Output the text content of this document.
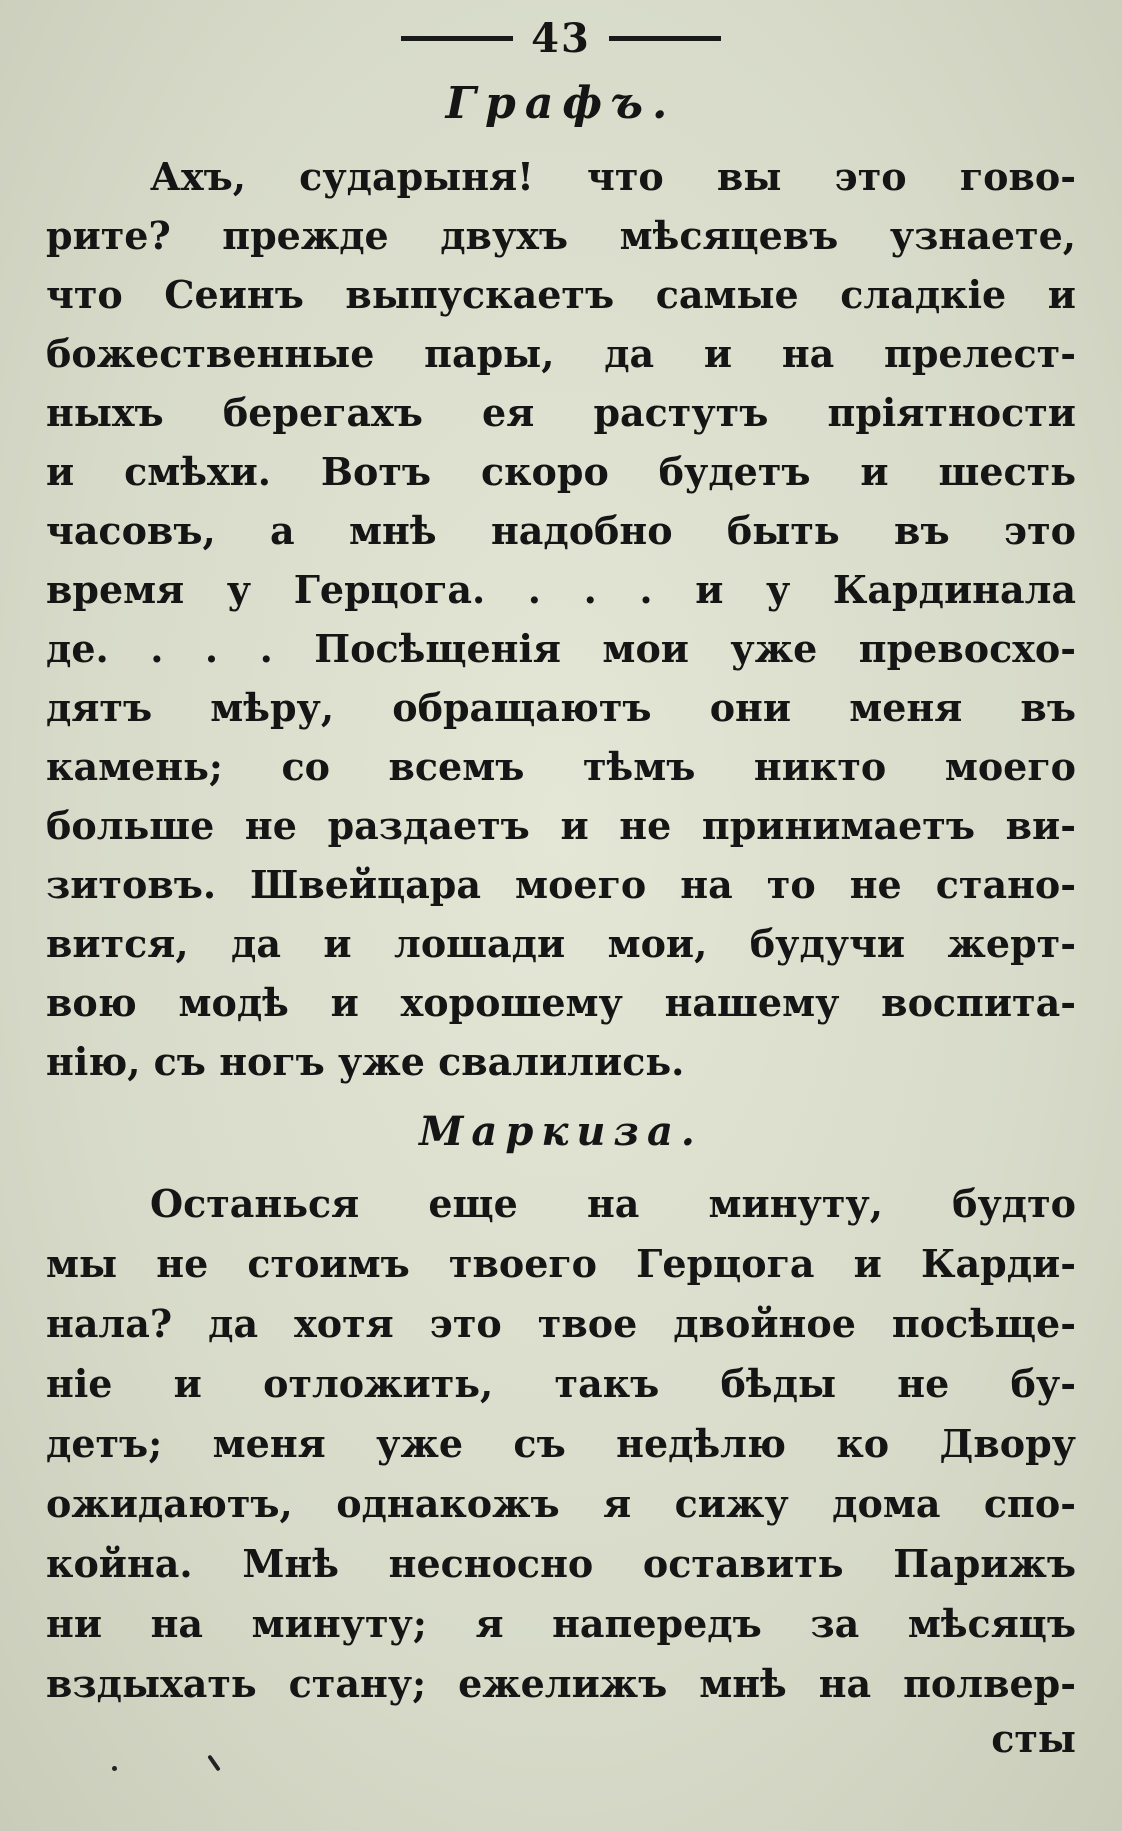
43
Графъ.
Ахъ, сударыня! что вы это гово-
рите? прежде двухъ мѣсяцевъ узнаете,
что Сеинъ выпускаетъ самые сладкіе и
божественные пары, да и на прелест-
ныхъ берегахъ ея растутъ пріятности
и смѣхи. Вотъ скоро будетъ и шесть
часовъ, а мнѣ надобно быть въ это
время у Герцога. . . . и у Кардинала
де. . . . Посѣщенія мои уже превосхо-
дятъ мѣру, обращаютъ они меня въ
камень; со всемъ тѣмъ никто моего
больше не раздаетъ и не принимаетъ ви-
зитовъ. Швейцара моего на то не стано-
вится, да и лошади мои, будучи жерт-
вою модѣ и хорошему нашему воспита-
нію, съ ногъ уже свалились.
Маркиза.
Останься еще на минуту, будто
мы не стоимъ твоего Герцога и Карди-
нала? да хотя это твое двойное посѣще-
ніе и отложить, такъ бѣды не бу-
детъ; меня уже съ недѣлю ко Двору
ожидаютъ, однакожъ я сижу дома спо-
койна. Мнѣ несносно оставить Парижъ
ни на минуту; я напередъ за мѣсяцъ
вздыхать стану; ежелижъ мнѣ на полвер-
сты
